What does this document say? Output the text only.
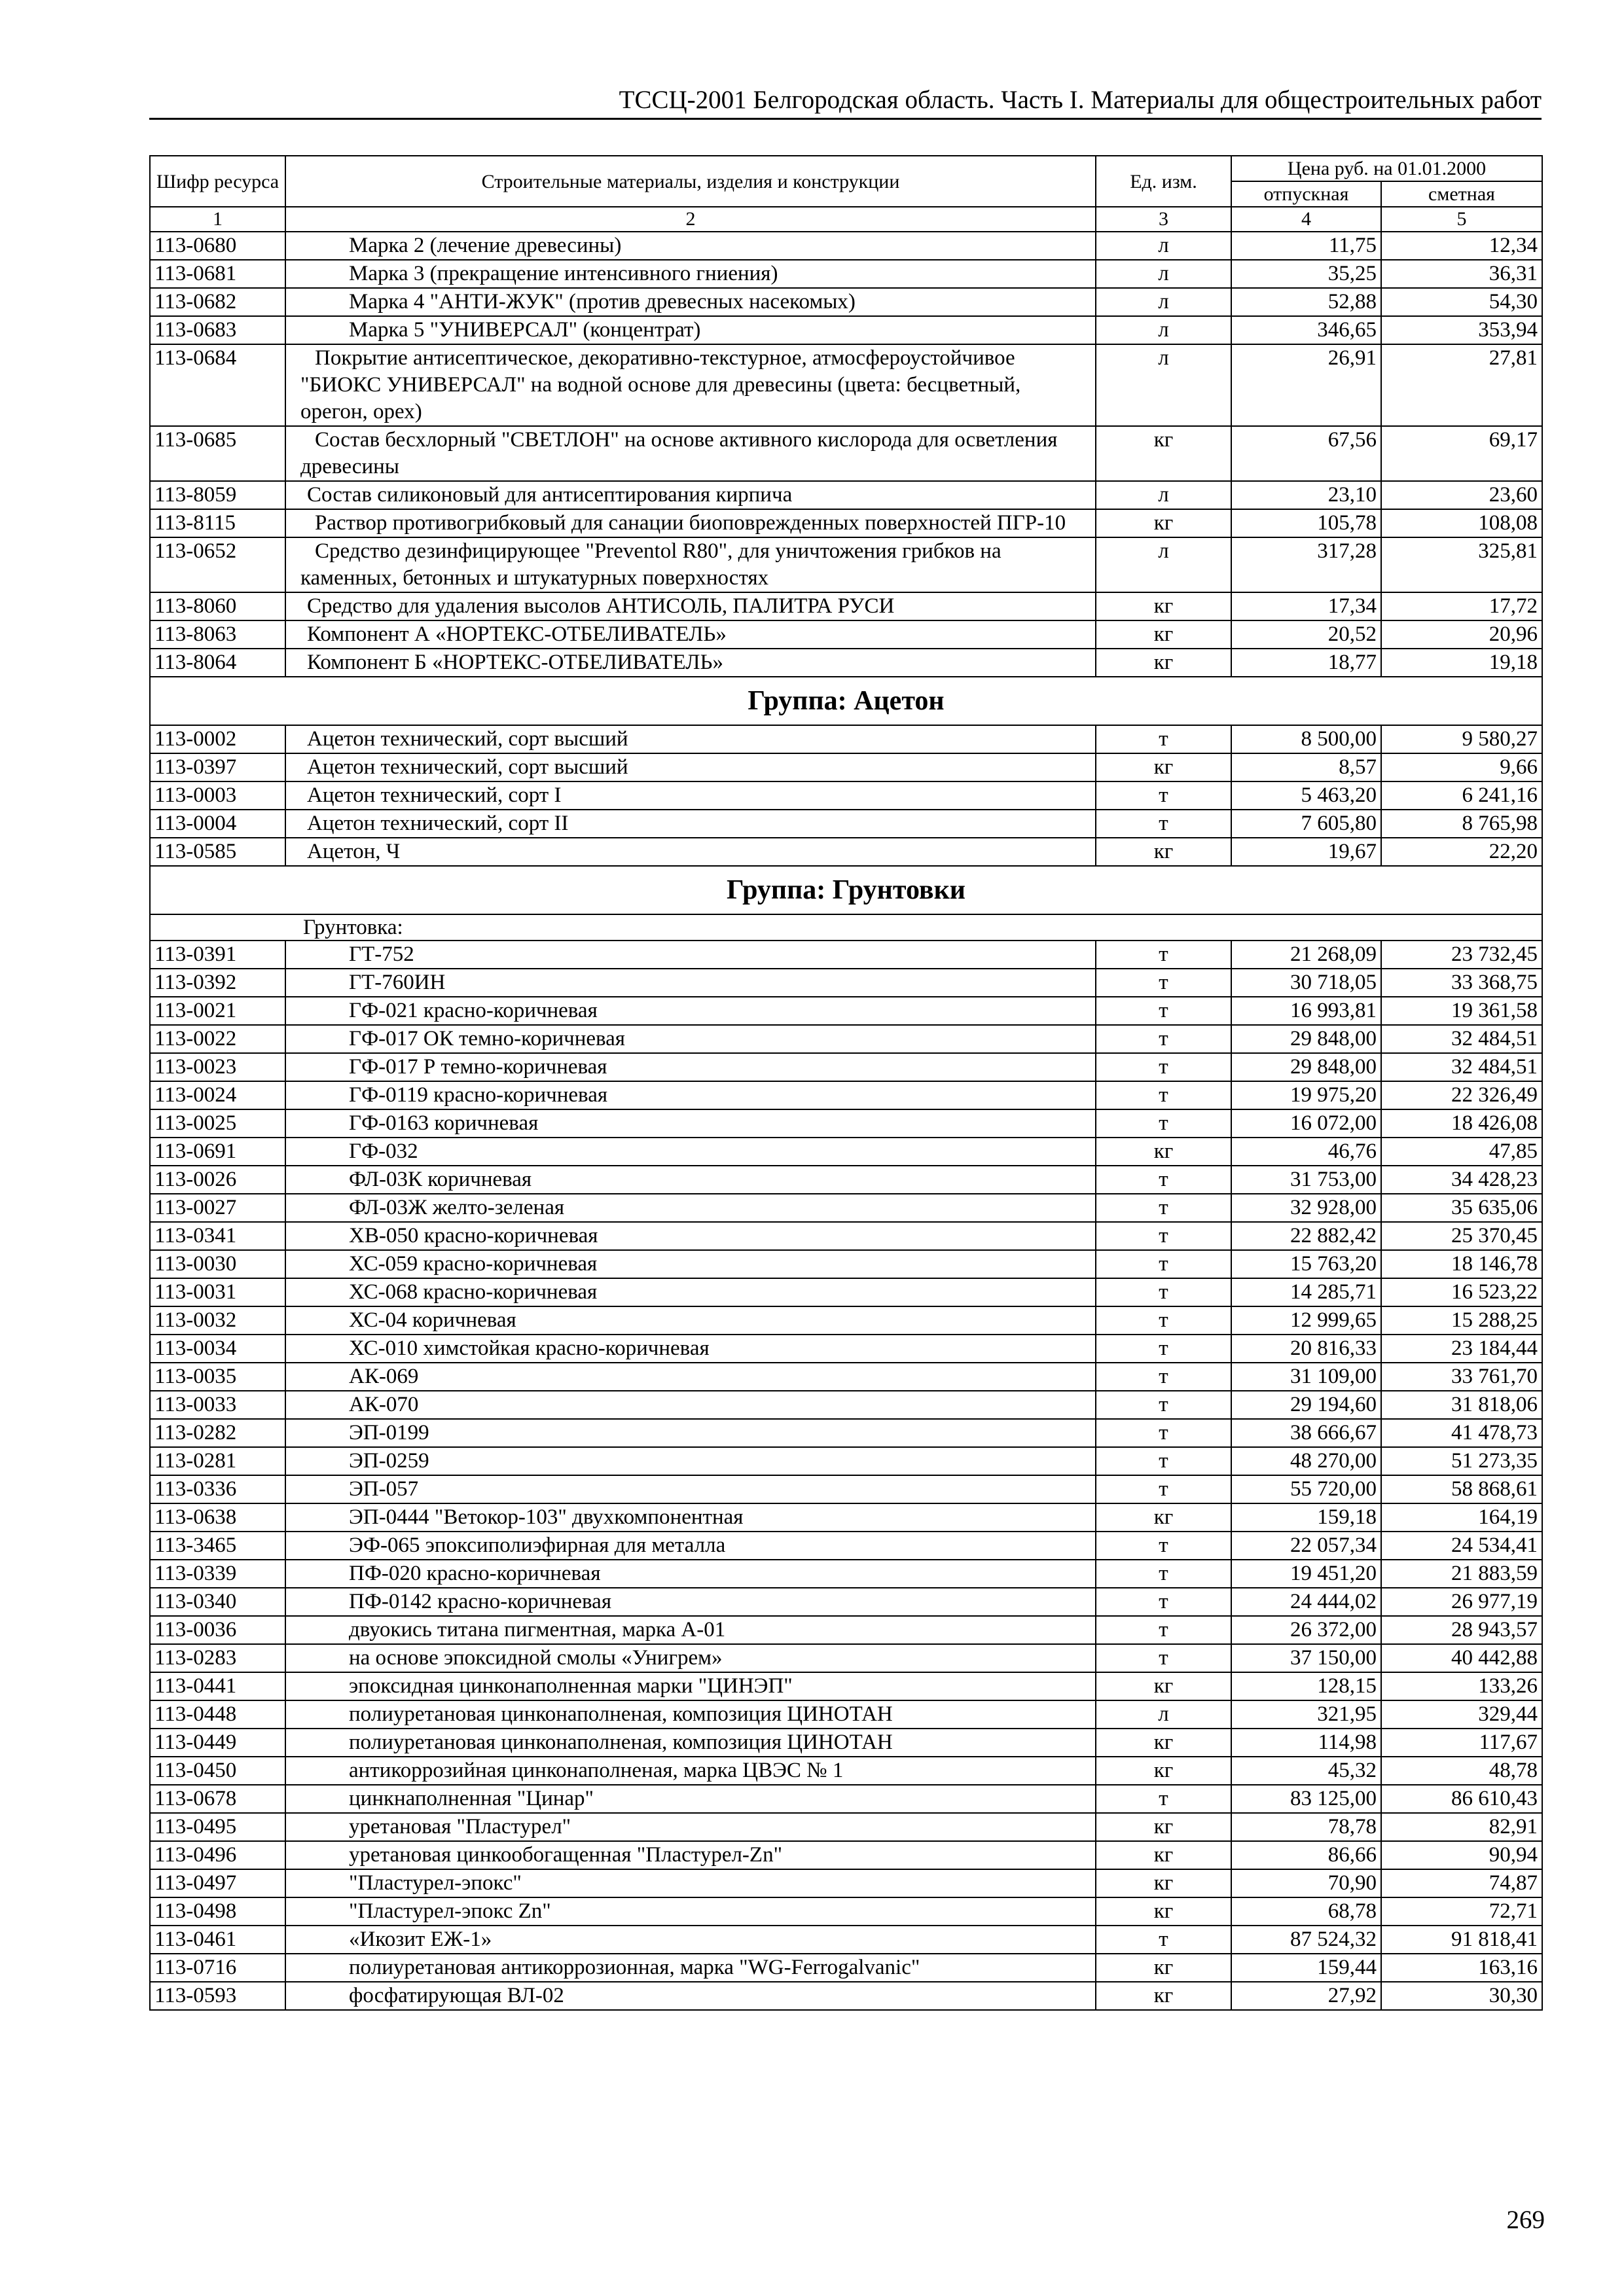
ТССЦ-2001 Белгородская область. Часть I. Материалы для общестроительных работ
Шифр ресурса	Строительные материалы, изделия и конструкции	Ед. изм.	Цена руб. на 01.01.2000	
			отпускная	сметная
1	2	3	4	5
113-0680	Марка 2 (лечение древесины)	л	11,75	12,34
113-0681	Марка 3 (прекращение интенсивного гниения)	л	35,25	36,31
113-0682	Марка 4 "АНТИ-ЖУК" (против древесных насекомых)	л	52,88	54,30
113-0683	Марка 5 "УНИВЕРСАЛ" (концентрат)	л	346,65	353,94
113-0684	Покрытие антисептическое, декоративно-текстурное, атмосфероустойчивое "БИОКС УНИВЕРСАЛ" на водной основе для древесины (цвета: бесцветный, орегон, орех)	л	26,91	27,81
113-0685	Состав бесхлорный "СВЕТЛОН" на основе активного кислорода для осветления древесины	кг	67,56	69,17
113-8059	Состав силиконовый для антисептирования кирпича	л	23,10	23,60
113-8115	Раствор противогрибковый для санации биоповрежденных поверхностей ПГР-10	кг	105,78	108,08
113-0652	Средство дезинфицирующее "Preventol R80", для уничтожения грибков на каменных, бетонных и штукатурных поверхностях	л	317,28	325,81
113-8060	Средство для удаления высолов АНТИСОЛЬ, ПАЛИТРА РУСИ	кг	17,34	17,72
113-8063	Компонент А «НОРТЕКС-ОТБЕЛИВАТЕЛЬ»	кг	20,52	20,96
113-8064	Компонент Б «НОРТЕКС-ОТБЕЛИВАТЕЛЬ»	кг	18,77	19,18
Группа: Ацетон				
113-0002	Ацетон технический, сорт высший	т	8 500,00	9 580,27
113-0397	Ацетон технический, сорт высший	кг	8,57	9,66
113-0003	Ацетон технический, сорт I	т	5 463,20	6 241,16
113-0004	Ацетон технический, сорт II	т	7 605,80	8 765,98
113-0585	Ацетон, Ч	кг	19,67	22,20
Группа: Грунтовки				
Грунтовка:				
113-0391	ГТ-752	т	21 268,09	23 732,45
113-0392	ГТ-760ИН	т	30 718,05	33 368,75
113-0021	ГФ-021 красно-коричневая	т	16 993,81	19 361,58
113-0022	ГФ-017 ОК темно-коричневая	т	29 848,00	32 484,51
113-0023	ГФ-017 Р темно-коричневая	т	29 848,00	32 484,51
113-0024	ГФ-0119 красно-коричневая	т	19 975,20	22 326,49
113-0025	ГФ-0163 коричневая	т	16 072,00	18 426,08
113-0691	ГФ-032	кг	46,76	47,85
113-0026	ФЛ-03К коричневая	т	31 753,00	34 428,23
113-0027	ФЛ-03Ж желто-зеленая	т	32 928,00	35 635,06
113-0341	ХВ-050 красно-коричневая	т	22 882,42	25 370,45
113-0030	ХС-059 красно-коричневая	т	15 763,20	18 146,78
113-0031	ХС-068 красно-коричневая	т	14 285,71	16 523,22
113-0032	ХС-04 коричневая	т	12 999,65	15 288,25
113-0034	ХС-010 химстойкая красно-коричневая	т	20 816,33	23 184,44
113-0035	АК-069	т	31 109,00	33 761,70
113-0033	АК-070	т	29 194,60	31 818,06
113-0282	ЭП-0199	т	38 666,67	41 478,73
113-0281	ЭП-0259	т	48 270,00	51 273,35
113-0336	ЭП-057	т	55 720,00	58 868,61
113-0638	ЭП-0444 "Ветокор-103" двухкомпонентная	кг	159,18	164,19
113-3465	ЭФ-065 эпоксиполиэфирная для металла	т	22 057,34	24 534,41
113-0339	ПФ-020 красно-коричневая	т	19 451,20	21 883,59
113-0340	ПФ-0142 красно-коричневая	т	24 444,02	26 977,19
113-0036	двуокись титана пигментная, марка А-01	т	26 372,00	28 943,57
113-0283	на основе эпоксидной смолы «Унигрем»	т	37 150,00	40 442,88
113-0441	эпоксидная цинконаполненная марки "ЦИНЭП"	кг	128,15	133,26
113-0448	полиуретановая цинконаполненая, композиция ЦИНОТАН	л	321,95	329,44
113-0449	полиуретановая цинконаполненая, композиция ЦИНОТАН	кг	114,98	117,67
113-0450	антикоррозийная цинконаполненая, марка ЦВЭС № 1	кг	45,32	48,78
113-0678	цинкнаполненная "Цинар"	т	83 125,00	86 610,43
113-0495	уретановая "Пластурел"	кг	78,78	82,91
113-0496	уретановая цинкообогащенная "Пластурел-Zn"	кг	86,66	90,94
113-0497	"Пластурел-эпокс"	кг	70,90	74,87
113-0498	"Пластурел-эпокс Zn"	кг	68,78	72,71
113-0461	«Икозит ЕЖ-1»	т	87 524,32	91 818,41
113-0716	полиуретановая антикоррозионная, марка "WG-Ferrogalvanic"	кг	159,44	163,16
113-0593	фосфатирующая ВЛ-02	кг	27,92	30,30
269
